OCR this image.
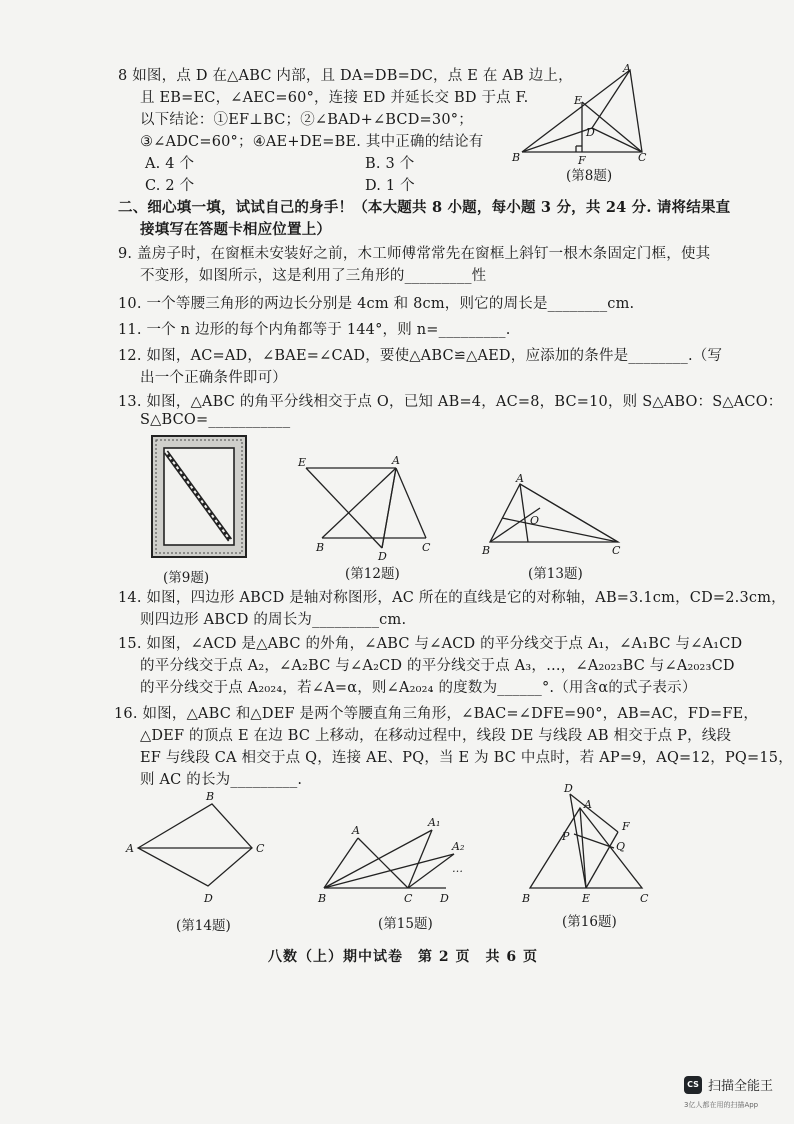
8 如图，点 D 在△ABC 内部，且 DA=DB=DC，点 E 在 AB 边上，
且 EB=EC，∠AEC=60°，连接 ED 并延长交 BD 于点 F.
以下结论：①EF⊥BC；②∠BAD+∠BCD=30°；
③∠ADC=60°；④AE+DE=BE. 其中正确的结论有
A. 4 个	B. 3 个
C. 2 个	D. 1 个
A
E
D
B	F	C
(第8题)
二、细心填一填，试试自己的身手！（本大题共 8 小题，每小题 3 分，共 24 分. 请将结果直
接填写在答题卡相应位置上）
9. 盖房子时，在窗框未安装好之前，木工师傅常常先在窗框上斜钉一根木条固定门框，使其
不变形，如图所示，这是利用了三角形的_________性
10. 一个等腰三角形的两边长分别是 4cm 和 8cm，则它的周长是________cm.
11. 一个 n 边形的每个内角都等于 144°，则 n=_________.
12. 如图，AC=AD，∠BAE=∠CAD，要使△ABC≌△AED，应添加的条件是________.（写
出一个正确条件即可）
13. 如图，△ABC 的角平分线相交于点 O，已知 AB=4，AC=8，BC=10，则 S△ABO：S△ACO：
S△BCO=___________
(第9题)
E	A
B
D
C
(第12题)
A
O
B	C
(第13题)
14. 如图，四边形 ABCD 是轴对称图形，AC 所在的直线是它的对称轴，AB=3.1cm，CD=2.3cm，
则四边形 ABCD 的周长为_________cm.
15. 如图，∠ACD 是△ABC 的外角，∠ABC 与∠ACD 的平分线交于点 A₁，∠A₁BC 与∠A₁CD
的平分线交于点 A₂，∠A₂BC 与∠A₂CD 的平分线交于点 A₃，…，∠A₂₀₂₃BC 与∠A₂₀₂₃CD
的平分线交于点 A₂₀₂₄，若∠A=α，则∠A₂₀₂₄ 的度数为______°.（用含α的式子表示）
16. 如图，△ABC 和△DEF 是两个等腰直角三角形，∠BAC=∠DFE=90°，AB=AC，FD=FE，
△DEF 的顶点 E 在边 BC 上移动，在移动过程中，线段 DE 与线段 AB 相交于点 P，线段
EF 与线段 CA 相交于点 Q，连接 AE、PQ，当 E 为 BC 中点时，若 AP=9，AQ=12，PQ=15，
则 AC 的长为_________.
B
A	C
D
(第14题)
A
A₁
A₂
…
B	C	D
(第15题)
D
A
F
P
Q
B	E	C
(第16题)
八数（上）期中试卷　第 2 页　共 6 页
CS 扫描全能王
3亿人都在用的扫描App
